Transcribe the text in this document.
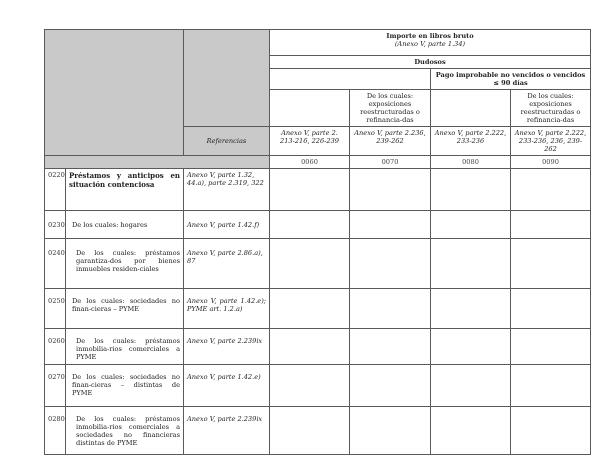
			Importe en libros bruto
(Anexo V, parte 1.34)			

			Dudosos			
					Pago improbable no vencidos o vencidos ≤ 90 días	
				De los cuales: exposiciones reestructuradas o refinancia-das		De los cuales: exposiciones reestructuradas o refinancia-das
		Referencias	Anexo V, parte 2. 213-216, 226-239	Anexo V, parte 2.236, 239-262	Anexo V, parte 2.222, 233-236	Anexo V, parte 2.222, 233-236, 236, 239-262
			0060	0070	0080	0090
0220	Préstamos y anticipos en situación contenciosa	Anexo V, parte 1.32, 44.a), parte 2.319, 322				
0230	De los cuales: hogares	Anexo V, parte 1.42.f)				
0240	De los cuales: préstamos garantiza-dos por bienes inmuebles residen-ciales	Anexo V, parte 2.86.a), 87				
0250	De los cuales: sociedades no finan-cieras – PYME	Anexo V, parte 1.42.e); PYME art. 1.2.a)				
0260	De los cuales: préstamos inmobilia-rios comerciales a PYME	Anexo V, parte 2.239ix				
0270	De los cuales: sociedades no finan-cieras – distintas de PYME	Anexo V, parte 1.42.e)				
0280	De los cuales: préstamos inmobilia-rios comerciales a sociedades no financieras distintas de PYME	Anexo V, parte 2.239ix				
